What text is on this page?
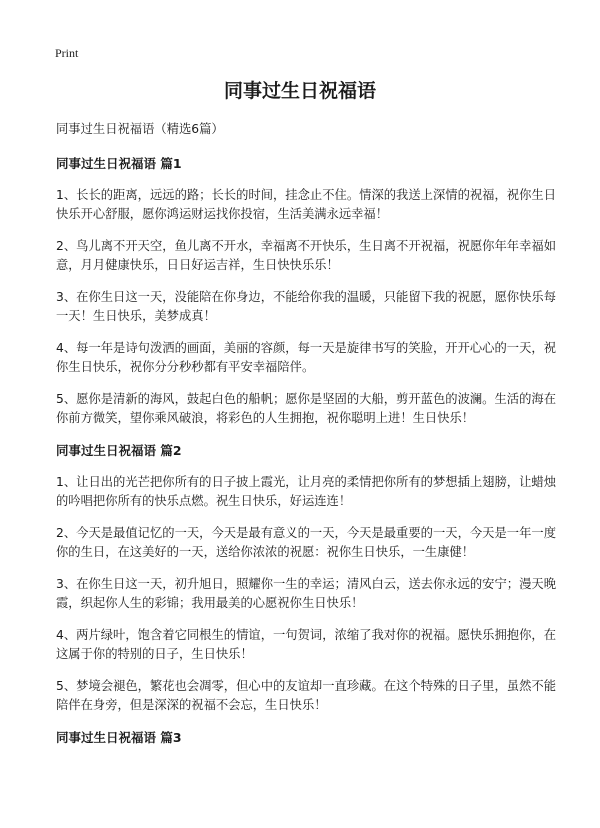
Print
同事过生日祝福语

同事过生日祝福语（精选6篇）

同事过生日祝福语 篇1

1、长长的距离，远远的路；长长的时间，挂念止不住。情深的我送上深情的祝福，祝你生日快乐开心舒服，愿你鸿运财运找你投宿，生活美满永远幸福！

2、鸟儿离不开天空，鱼儿离不开水，幸福离不开快乐，生日离不开祝福，祝愿你年年幸福如意，月月健康快乐，日日好运吉祥，生日快快乐乐！

3、在你生日这一天，没能陪在你身边，不能给你我的温暖，只能留下我的祝愿，愿你快乐每一天！生日快乐，美梦成真！

4、每一年是诗句泼洒的画面，美丽的容颜，每一天是旋律书写的笑脸，开开心心的一天，祝你生日快乐，祝你分分秒秒都有平安幸福陪伴。

5、愿你是清新的海风，鼓起白色的船帆；愿你是坚固的大船，剪开蓝色的波澜。生活的海在你前方微笑，望你乘风破浪，将彩色的人生拥抱，祝你聪明上进！生日快乐！

同事过生日祝福语 篇2

1、让日出的光芒把你所有的日子披上霞光，让月亮的柔情把你所有的梦想插上翅膀，让蜡烛的吟唱把你所有的快乐点燃。祝生日快乐，好运连连！

2、今天是最值记忆的一天，今天是最有意义的一天，今天是最重要的一天，今天是一年一度你的生日，在这美好的一天，送给你浓浓的祝愿：祝你生日快乐，一生康健！

3、在你生日这一天，初升旭日，照耀你一生的幸运；清风白云，送去你永远的安宁；漫天晚霞，织起你人生的彩锦；我用最美的心愿祝你生日快乐！

4、两片绿叶，饱含着它同根生的情谊，一句贺词，浓缩了我对你的祝福。愿快乐拥抱你，在这属于你的特别的日子，生日快乐！

5、梦境会褪色，繁花也会凋零，但心中的友谊却一直珍藏。在这个特殊的日子里，虽然不能陪伴在身旁，但是深深的祝福不会忘，生日快乐！

同事过生日祝福语 篇3
